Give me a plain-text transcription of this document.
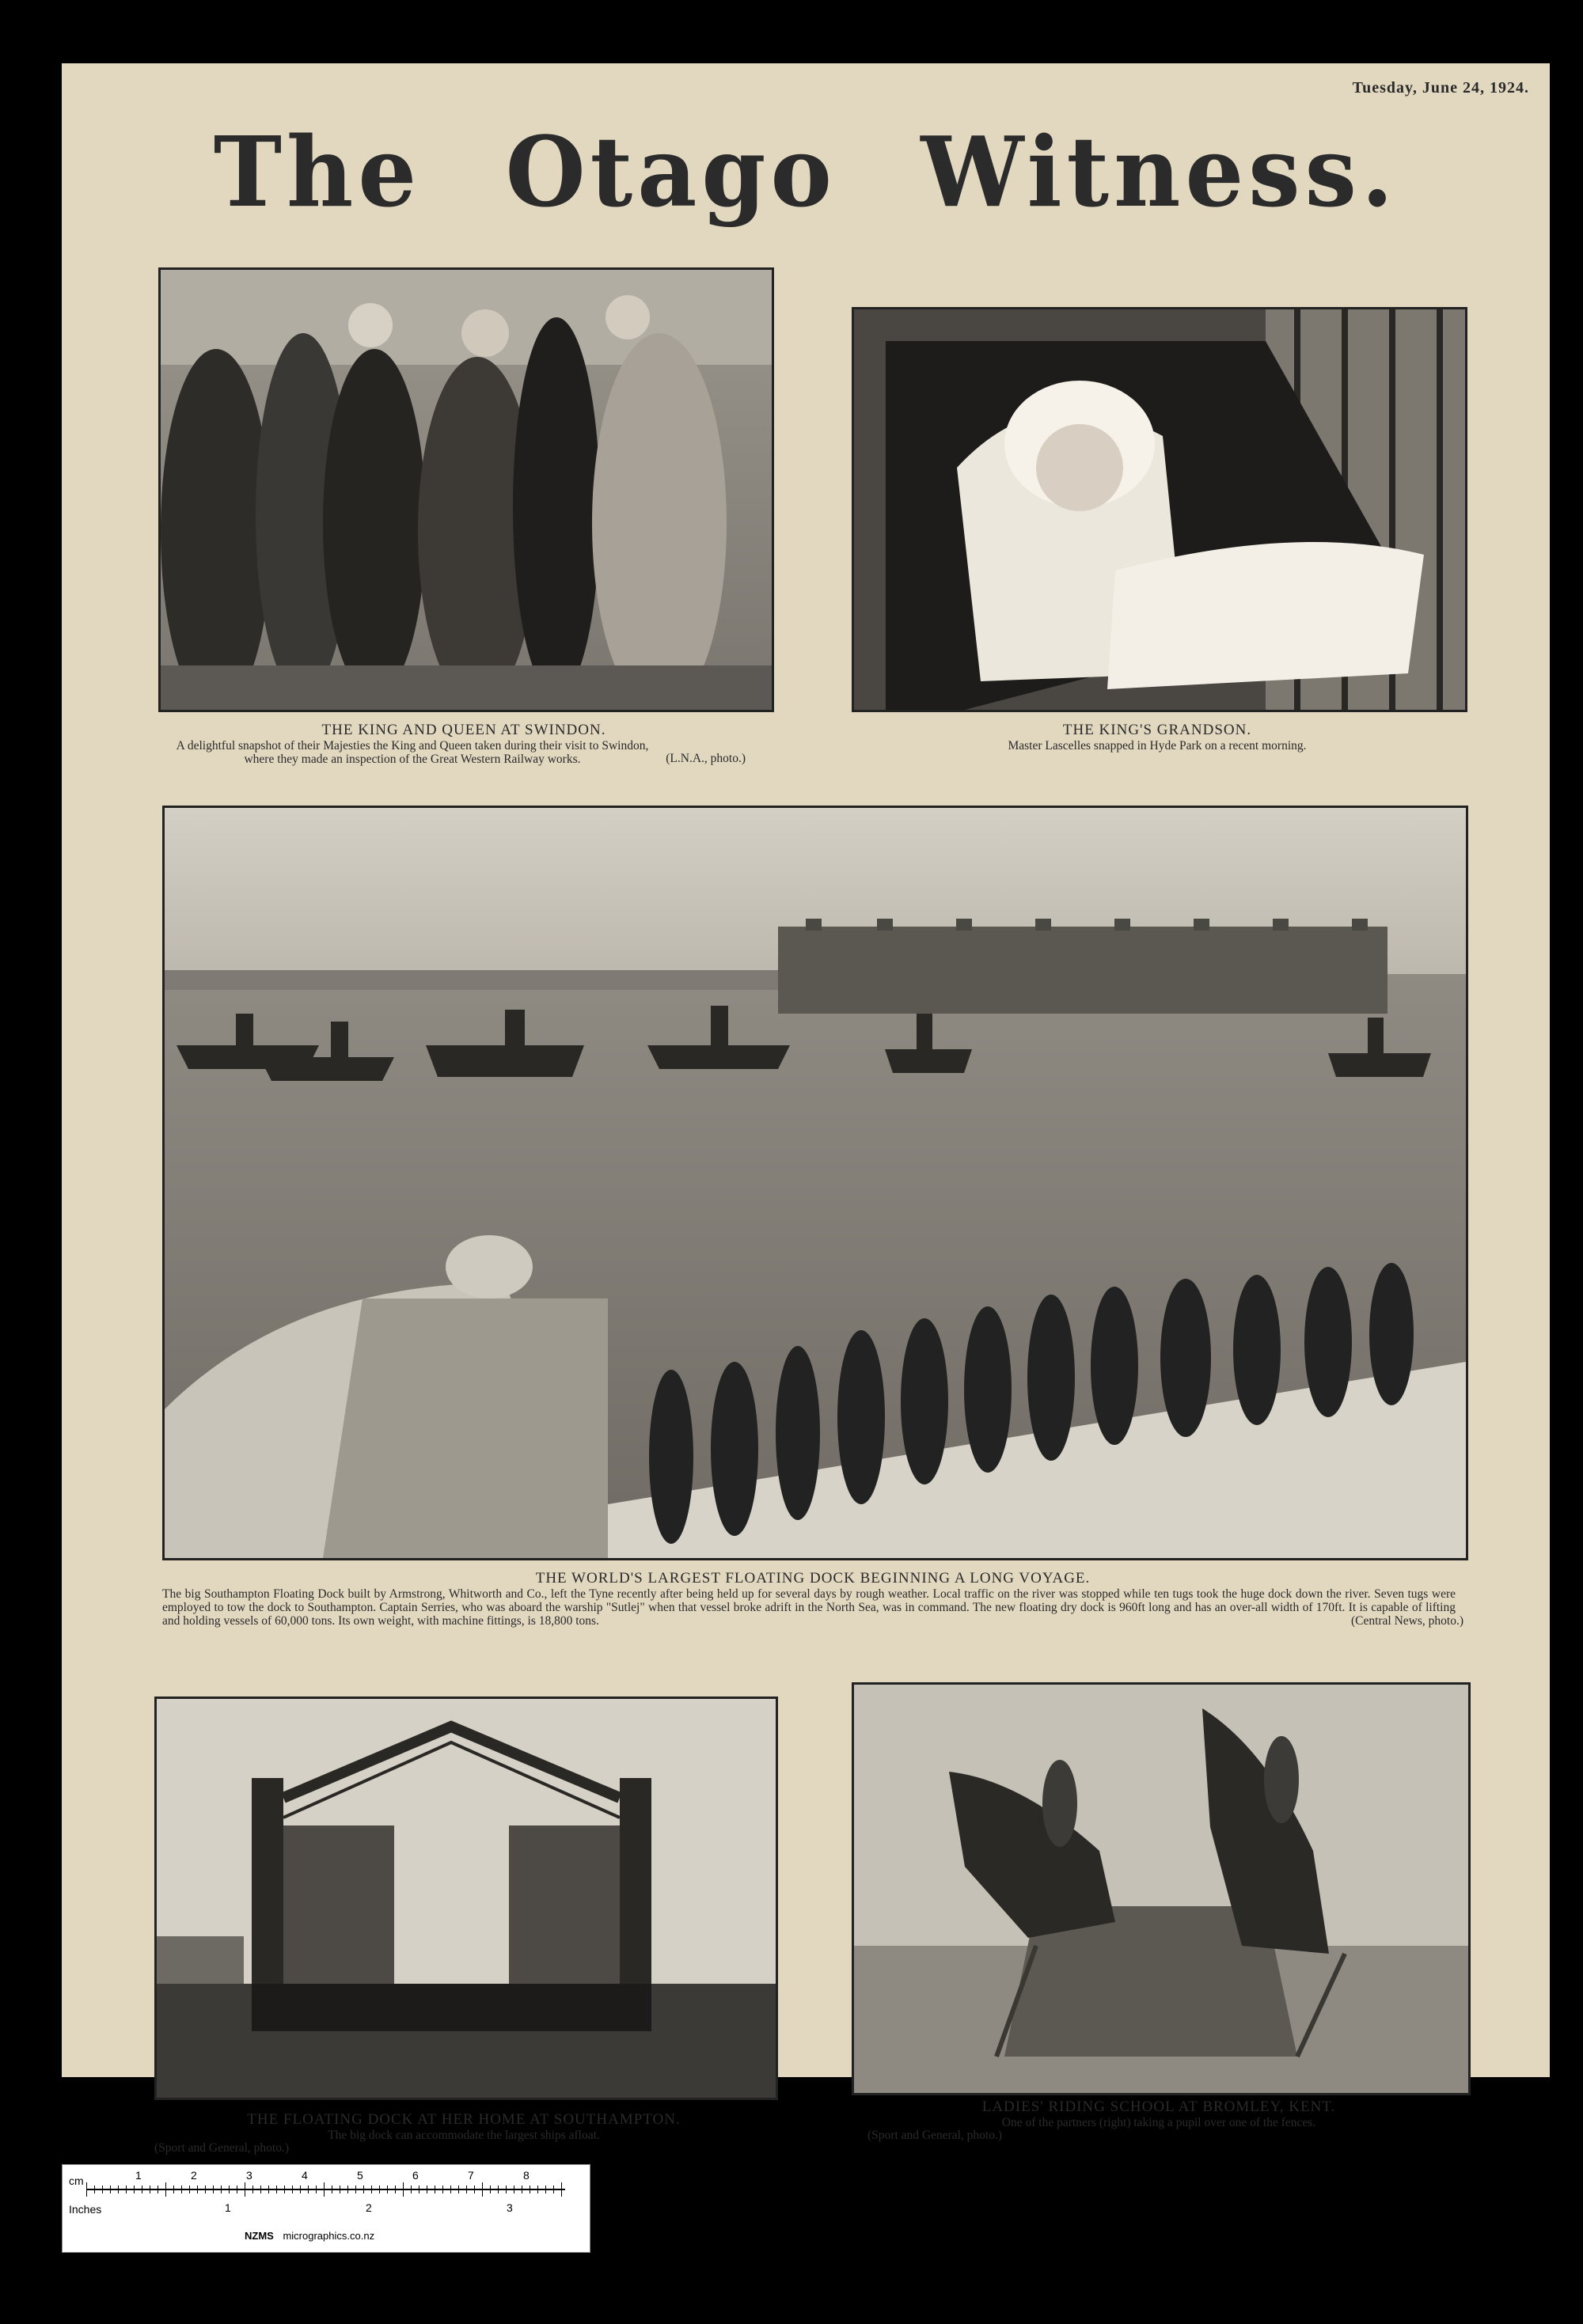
Tuesday, June 24, 1924.
The Otago Witness.
THE KING AND QUEEN AT SWINDON.
A delightful snapshot of their Majesties the King and Queen taken during their visit to Swindon, where they made an inspection of the Great Western Railway works.	(L.N.A., photo.)
THE KING'S GRANDSON.
Master Lascelles snapped in Hyde Park on a recent morning.
THE WORLD'S LARGEST FLOATING DOCK BEGINNING A LONG VOYAGE.
The big Southampton Floating Dock built by Armstrong, Whitworth and Co., left the Tyne recently after being held up for several days by rough weather. Local traffic on the river was stopped while ten tugs took the huge dock down the river. Seven tugs were employed to tow the dock to Southampton. Captain Serries, who was aboard the warship "Sutlej" when that vessel broke adrift in the North Sea, was in command. The new floating dry dock is 960ft long and has an over-all width of 170ft. It is capable of lifting and holding vessels of 60,000 tons. Its own weight, with machine fittings, is 18,800 tons.	(Central News, photo.)
THE FLOATING DOCK AT HER HOME AT SOUTHAMPTON.
The big dock can accommodate the largest ships afloat.
(Sport and General, photo.)
LADIES' RIDING SCHOOL AT BROMLEY, KENT.
One of the partners (right) taking a pupil over one of the fences.
(Sport and General, photo.)
cm
Inches
1	2	3	4	5	6	7	8
1	2	3
NZMS micrographics.co.nz
